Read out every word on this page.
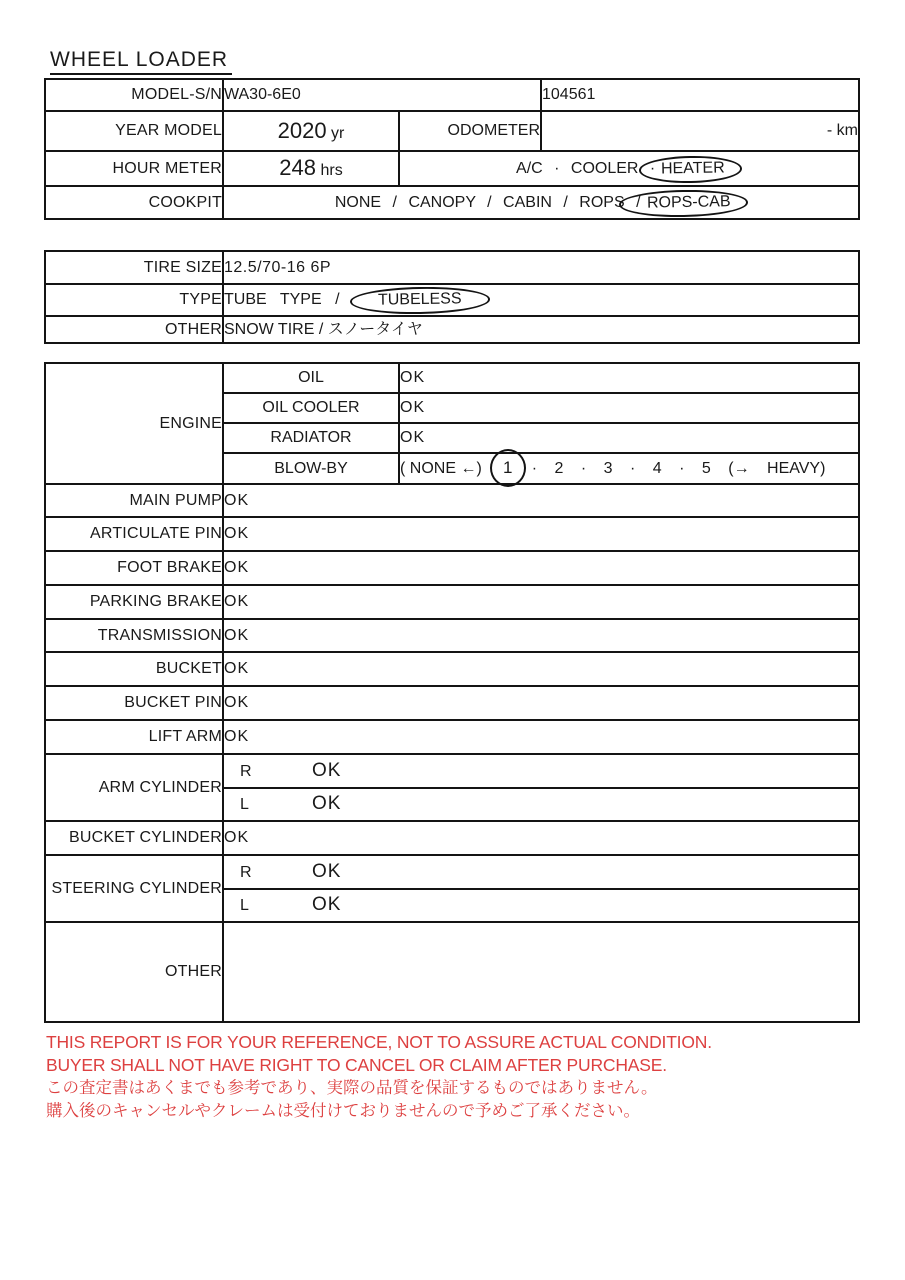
WHEEL LOADER
MODEL-S/N	WA30-6E0		104561
YEAR MODEL	2020 yr	ODOMETER	- km
HOUR METER	248 hrs	A/C · COOLER · HEATER	
COOKPIT	NONE / CANOPY / CABIN / ROPS / ROPS-CAB		
TIRE SIZE	12.5/70-16 6P
TYPE	TUBE TYPE / TUBELESS
OTHER	SNOW TIRE / スノータイヤ
ENGINE	OIL	OK
	OIL COOLER	OK
	RADIATOR	OK
	BLOW-BY	( NONE ←) 1 · 2 · 3 · 4 · 5 (→ HEAVY)
MAIN PUMP	OK	
ARTICULATE PIN	OK	
FOOT BRAKE	OK	
PARKING BRAKE	OK	
TRANSMISSION	OK	
BUCKET	OK	
BUCKET PIN	OK	
LIFT ARM	OK	
ARM CYLINDER	R OK	
	L OK	
BUCKET CYLINDER	OK	
STEERING CYLINDER	R OK	
	L OK	
OTHER		
THIS REPORT IS FOR YOUR REFERENCE, NOT TO ASSURE ACTUAL CONDITION.
BUYER SHALL NOT HAVE RIGHT TO CANCEL OR CLAIM AFTER PURCHASE.
この査定書はあくまでも参考であり、実際の品質を保証するものではありません。
購入後のキャンセルやクレームは受付けておりませんので予めご了承ください。
